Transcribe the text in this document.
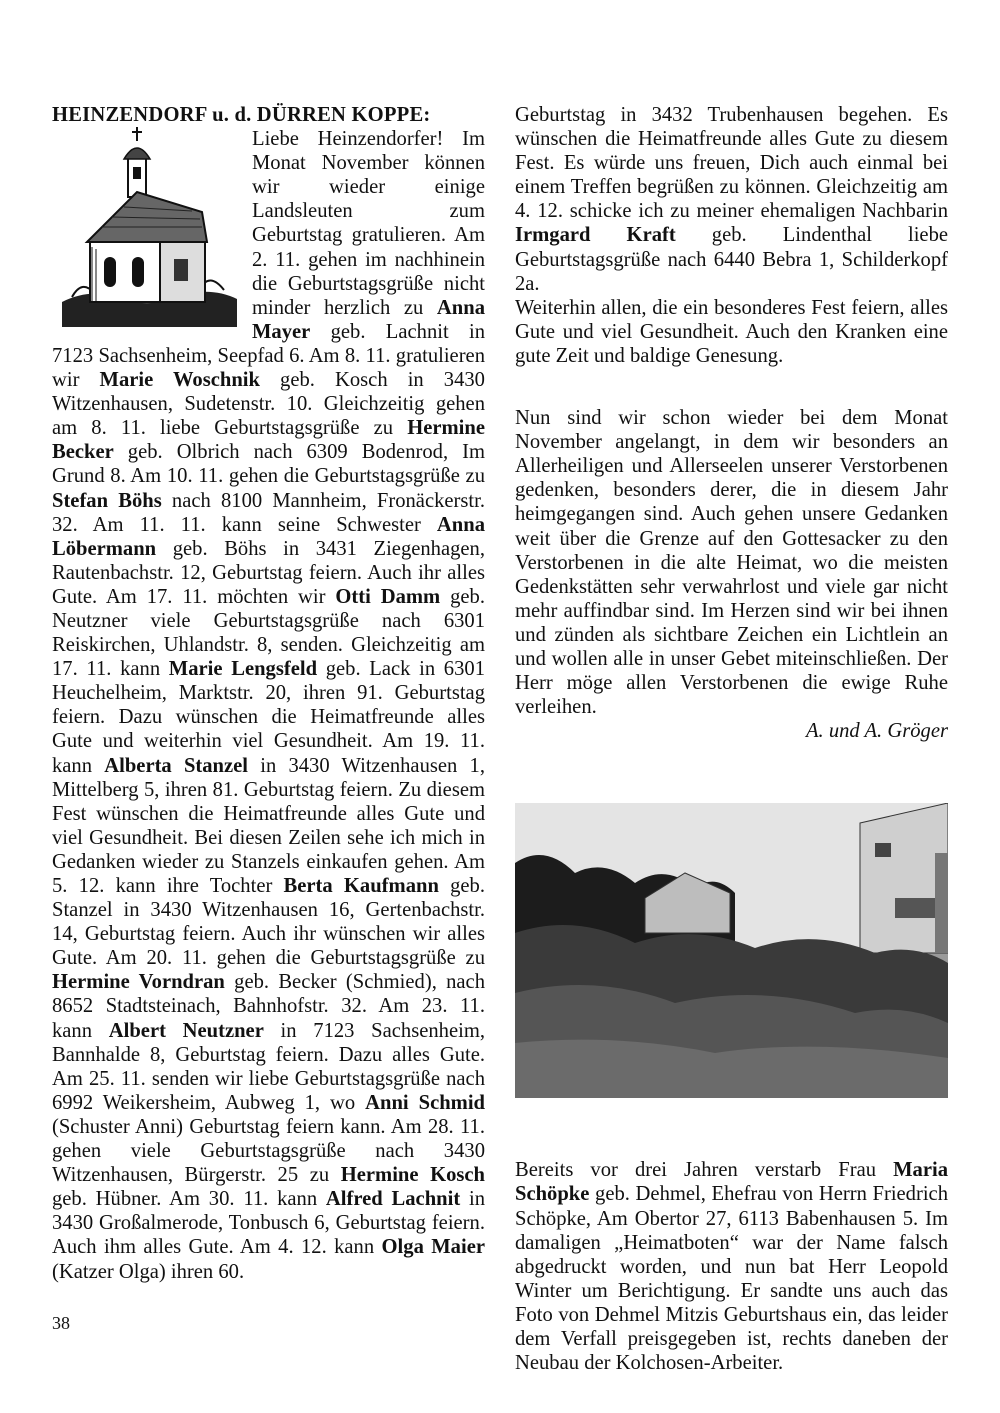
HEINZENDORF u. d. DÜRREN KOPPE:

Liebe Heinzendorfer! Im Monat November können wir wieder einige Landsleuten zum Geburtstag gratulieren. Am 2. 11. gehen im nachhinein die Geburtstagsgrüße nicht minder herzlich zu Anna Mayer geb. Lachnit in 7123 Sachsenheim, Seepfad 6. Am 8. 11. gratulieren wir Marie Woschnik geb. Kosch in 3430 Witzenhausen, Sudetenstr. 10. Gleichzeitig gehen am 8. 11. liebe Geburtstagsgrüße zu Hermine Becker geb. Olbrich nach 6309 Bodenrod, Im Grund 8. Am 10. 11. gehen die Geburtstagsgrüße zu Stefan Böhs nach 8100 Mannheim, Fronäckerstr. 32. Am 11. 11. kann seine Schwester Anna Löbermann geb. Böhs in 3431 Ziegenhagen, Rautenbachstr. 12, Geburtstag feiern. Auch ihr alles Gute. Am 17. 11. möchten wir Otti Damm geb. Neutzner viele Geburtstagsgrüße nach 6301 Reiskirchen, Uhlandstr. 8, senden. Gleichzeitig am 17. 11. kann Marie Lengsfeld geb. Lack in 6301 Heuchelheim, Marktstr. 20, ihren 91. Geburtstag feiern. Dazu wünschen die Heimatfreunde alles Gute und weiterhin viel Gesundheit. Am 19. 11. kann Alberta Stanzel in 3430 Witzenhausen 1, Mittelberg 5, ihren 81. Geburtstag feiern. Zu diesem Fest wünschen die Heimatfreunde alles Gute und viel Gesundheit. Bei diesen Zeilen sehe ich mich in Gedanken wieder zu Stanzels einkaufen gehen. Am 5. 12. kann ihre Tochter Berta Kaufmann geb. Stanzel in 3430 Witzenhausen 16, Gertenbachstr. 14, Geburtstag feiern. Auch ihr wünschen wir alles Gute. Am 20. 11. gehen die Geburtstagsgrüße zu Hermine Vorndran geb. Becker (Schmied), nach 8652 Stadtsteinach, Bahnhofstr. 32. Am 23. 11. kann Albert Neutzner in 7123 Sachsenheim, Bannhalde 8, Geburtstag feiern. Dazu alles Gute. Am 25. 11. senden wir liebe Geburtstagsgrüße nach 6992 Weikersheim, Aubweg 1, wo Anni Schmid (Schuster Anni) Geburtstag feiern kann. Am 28. 11. gehen viele Geburtstagsgrüße nach 3430 Witzenhausen, Bürgerstr. 25 zu Hermine Kosch geb. Hübner. Am 30. 11. kann Alfred Lachnit in 3430 Großalmerode, Tonbusch 6, Geburtstag feiern. Auch ihm alles Gute. Am 4. 12. kann Olga Maier (Katzer Olga) ihren 60.

Geburtstag in 3432 Trubenhausen begehen. Es wünschen die Heimatfreunde alles Gute zu diesem Fest. Es würde uns freuen, Dich auch einmal bei einem Treffen begrüßen zu können. Gleichzeitig am 4. 12. schicke ich zu meiner ehemaligen Nachbarin Irmgard Kraft geb. Lindenthal liebe Geburtstagsgrüße nach 6440 Bebra 1, Schilderkopf 2a.

Weiterhin allen, die ein besonderes Fest feiern, alles Gute und viel Gesundheit. Auch den Kranken eine gute Zeit und baldige Genesung.

Nun sind wir schon wieder bei dem Monat November angelangt, in dem wir besonders an Allerheiligen und Allerseelen unserer Verstorbenen gedenken, besonders derer, die in diesem Jahr heimgegangen sind. Auch gehen unsere Gedanken weit über die Grenze auf den Gottesacker zu den Verstorbenen in die alte Heimat, wo die meisten Gedenkstätten sehr verwahrlost und viele gar nicht mehr auffindbar sind. Im Herzen sind wir bei ihnen und zünden als sichtbare Zeichen ein Lichtlein an und wollen alle in unser Gebet miteinschließen. Der Herr möge allen Verstorbenen die ewige Ruhe verleihen.

A. und A. Gröger

Bereits vor drei Jahren verstarb Frau Maria Schöpke geb. Dehmel, Ehefrau von Herrn Friedrich Schöpke, Am Obertor 27, 6113 Babenhausen 5. Im damaligen „Heimatboten“ war der Name falsch abgedruckt worden, und nun bat Herr Leopold Winter um Berichtigung. Er sandte uns auch das Foto von Dehmel Mitzis Geburtshaus ein, das leider dem Verfall preisgegeben ist, rechts daneben der Neubau der Kolchosen-Arbeiter.

38
